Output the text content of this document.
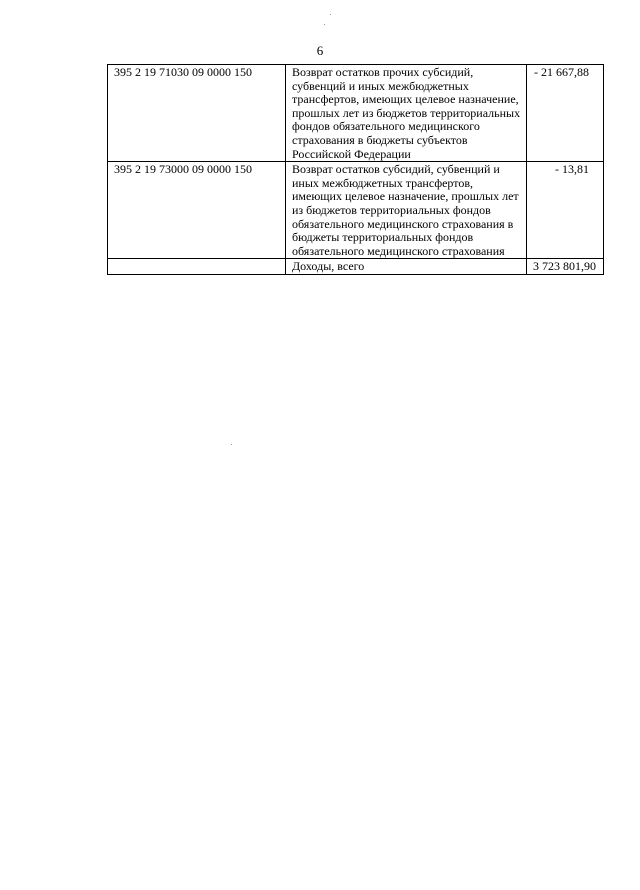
6
395 2 19 71030 09 0000 150	Возврат остатков прочих субсидий, субвенций и иных межбюджетных трансфертов, имеющих целевое назначение, прошлых лет из бюджетов территориальных фондов обязательного медицинского страхования в бюджеты субъектов Российской Федерации	- 21 667,88
395 2 19 73000 09 0000 150	Возврат остатков субсидий, субвенций и иных межбюджетных трансфертов, имеющих целевое назначение, прошлых лет из бюджетов территориальных фондов обязательного медицинского страхования в бюджеты территориальных фондов обязательного медицинского страхования	- 13,81
	Доходы, всего	3 723 801,90
